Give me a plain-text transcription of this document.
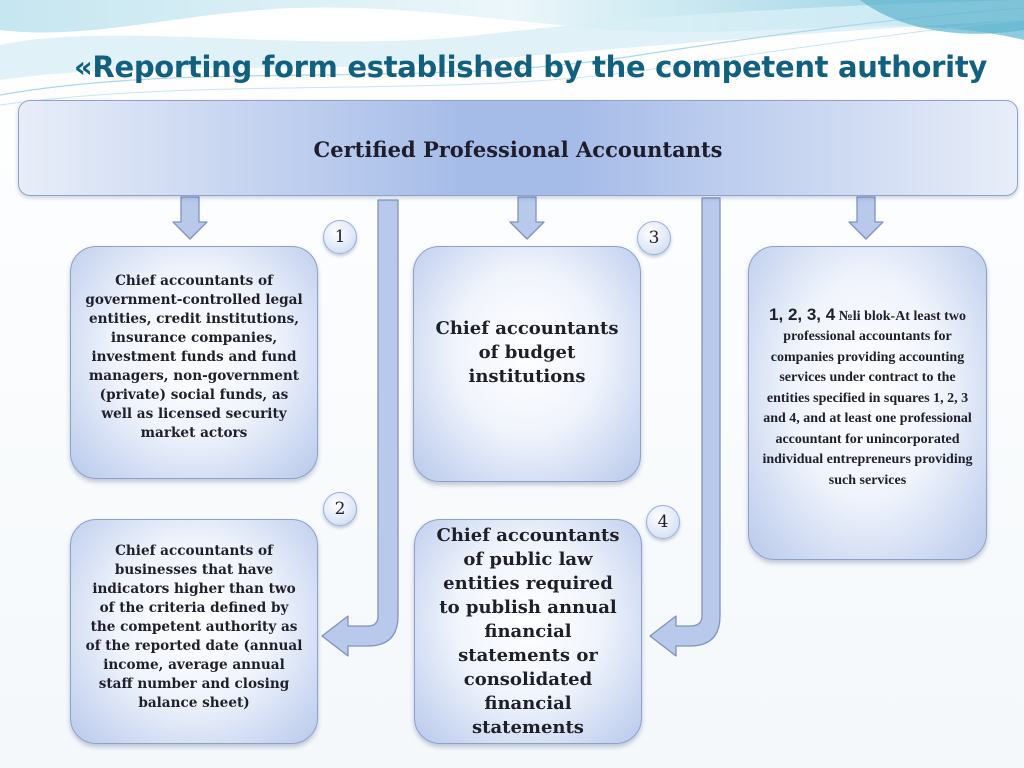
«Reporting form established by the competent authority
Certified Professional Accountants
Chief accountants of government-controlled legal entities, credit institutions, insurance companies, investment funds and fund managers, non-government (private) social funds, as well as licensed security market actors
Chief accountants of businesses that have indicators higher than two of the criteria defined by the competent authority as of the reported date (annual income, average annual staff number and closing balance sheet)
Chief accountants of budget institutions
Chief accountants of public law entities required to publish annual financial statements or consolidated financial statements
1, 2, 3, 4 №li blok-At least two professional accountants for companies providing accounting services under contract to the entities specified in squares 1, 2, 3 and 4, and at least one professional accountant for unincorporated individual entrepreneurs providing such services
1
2
3
4
